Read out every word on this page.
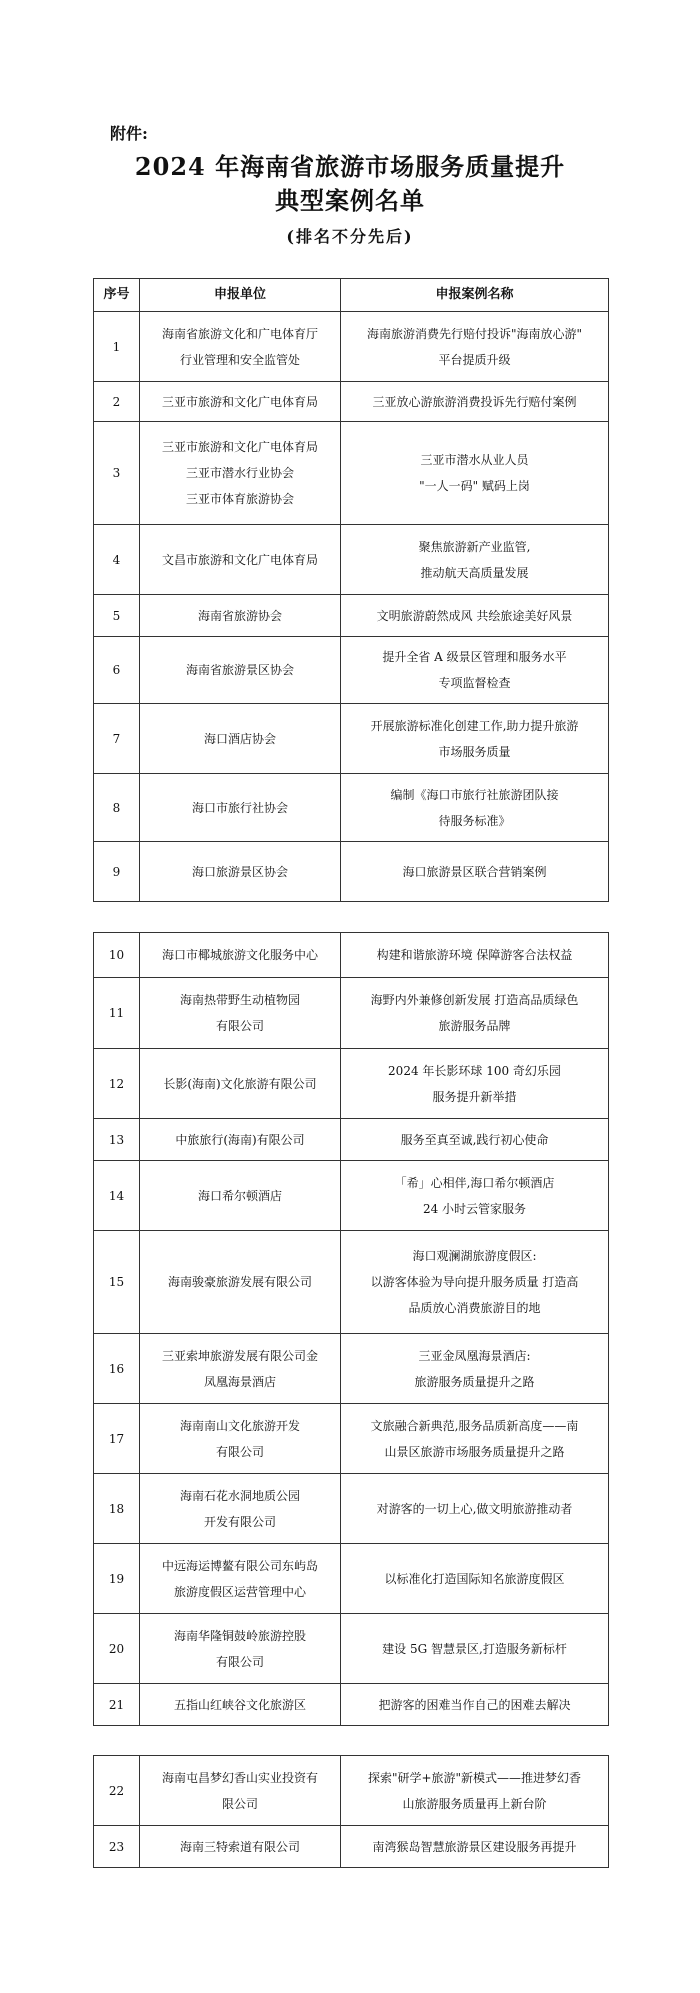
附件:
2024 年海南省旅游市场服务质量提升
典型案例名单
(排名不分先后)
序号	申报单位	申报案例名称
1	海南省旅游文化和广电体育厅
行业管理和安全监管处	海南旅游消费先行赔付投诉"海南放心游"
平台提质升级
2	三亚市旅游和文化广电体育局	三亚放心游旅游消费投诉先行赔付案例
3	三亚市旅游和文化广电体育局
三亚市潜水行业协会
三亚市体育旅游协会	三亚市潜水从业人员
"一人一码" 赋码上岗
4	文昌市旅游和文化广电体育局	聚焦旅游新产业监管,
推动航天高质量发展
5	海南省旅游协会	文明旅游蔚然成风 共绘旅途美好风景
6	海南省旅游景区协会	提升全省 A 级景区管理和服务水平
专项监督检查
7	海口酒店协会	开展旅游标准化创建工作,助力提升旅游
市场服务质量
8	海口市旅行社协会	编制《海口市旅行社旅游团队接
待服务标准》
9	海口旅游景区协会	海口旅游景区联合营销案例
10	海口市椰城旅游文化服务中心	构建和谐旅游环境 保障游客合法权益
11	海南热带野生动植物园
有限公司	海野内外兼修创新发展 打造高品质绿色
旅游服务品牌
12	长影(海南)文化旅游有限公司	2024 年长影环球 100 奇幻乐园
服务提升新举措
13	中旅旅行(海南)有限公司	服务至真至诚,践行初心使命
14	海口希尔顿酒店	「希」心相伴,海口希尔顿酒店
24 小时云管家服务
15	海南骏豪旅游发展有限公司	海口观澜湖旅游度假区:
以游客体验为导向提升服务质量 打造高
品质放心消费旅游目的地
16	三亚索坤旅游发展有限公司金
凤凰海景酒店	三亚金凤凰海景酒店:
旅游服务质量提升之路
17	海南南山文化旅游开发
有限公司	文旅融合新典范,服务品质新高度——南
山景区旅游市场服务质量提升之路
18	海南石花水洞地质公园
开发有限公司	对游客的一切上心,做文明旅游推动者
19	中远海运博鳌有限公司东屿岛
旅游度假区运营管理中心	以标准化打造国际知名旅游度假区
20	海南华隆铜鼓岭旅游控股
有限公司	建设 5G 智慧景区,打造服务新标杆
21	五指山红峡谷文化旅游区	把游客的困难当作自己的困难去解决
22	海南屯昌梦幻香山实业投资有
限公司	探索"研学+旅游"新模式——推进梦幻香
山旅游服务质量再上新台阶
23	海南三特索道有限公司	南湾猴岛智慧旅游景区建设服务再提升
